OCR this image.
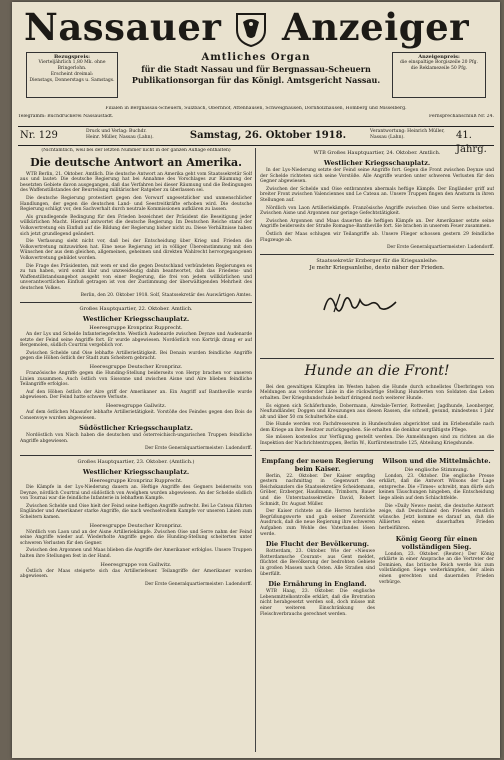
Nassauer Anzeiger
Bezugspreis:
Vierteljährlich 1,80 Mk. ohne Bringerlohn.
Erscheint dreimal:
Dienstags, Donnerstags u. Samstags.
Amtliches Organ
für die Stadt Nassau und für Bergnassau-Scheuern
Publikationsorgan für das Königl. Amtsgericht Nassau.
Anzeigenpreis:
die einspaltige Borgiszeile 20 Pfg.
die Reklamezeile 50 Pfg.
Filialen in Bergnassau-Scheuern, Sulzbach, Obernhof, Attenhausen, Schweighausen, Dornholzhausen, Hömberg und Misselberg.
Telegramm: Buchdruckerei Nassaustadt.	Fernsprechanschluß Nr. 24.
Nr. 129	Druck und Verlag: Buchdr. Heinr. Müller, Nassau (Lahn).	Samstag, 26. Oktober 1918.	Verantwortung: Heinrich Müller, Nassau (Lahn).	41. Jahrg.

(Nichtamtlich, weil bei der letzten Nummer nicht in der ganzen Auflage enthalten)

Die deutsche Antwort an Amerika.

WTB Berlin, 21. Oktober. Amtlich. Die deutsche Antwort an Amerika geht vom Staatssekretär Solf aus und lautet: Die deutsche Regierung hat bei Annahme des Vorschlages zur Räumung der besetzten Gebiete davon ausgegangen, daß das Verfahren bei dieser Räumung und die Bedingungen des Waffenstillstandes der Beurteilung militärischer Ratgeber zu überlassen sei.

Die deutsche Regierung protestiert gegen den Vorwurf ungesetzlicher und unmenschlicher Handlungen, der gegen die deutschen Land- und Seestreitkräfte erhoben wird. Die deutsche Regierung schlägt vor, den Sachverhalt durch neutrale Kommissionen aufklären zu lassen.

Als grundlegende Bedingung für den Frieden bezeichnet der Präsident die Beseitigung jeder willkürlichen Macht. Hierauf antwortet die deutsche Regierung: Im Deutschen Reiche stand der Volksvertretung ein Einfluß auf die Bildung der Regierung bisher nicht zu. Diese Verhältnisse haben sich jetzt grundlegend geändert.

Die Verfassung sieht nicht vor, daß bei der Entscheidung über Krieg und Frieden die Volksvertretung mitzuwirken hat. Eine neue Regierung ist in völliger Übereinstimmung mit den Wünschen der aus dem gleichen, allgemeinen, geheimen und direkten Wahlrecht hervorgegangenen Volksvertretung gebildet worden.

Die Frage des Präsidenten, mit wem er und die gegen Deutschland verbündeten Regierungen es zu tun haben, wird somit klar und unzweideutig dahin beantwortet, daß das Friedens- und Waffenstillstandsangebot ausgeht von einer Regierung, die frei von jedem willkürlichen und unverantwortlichen Einfluß getragen ist von der Zustimmung der überwältigenden Mehrheit des deutschen Volkes.

Berlin, den 20. Oktober 1918. Solf, Staatssekretär des Auswärtigen Amtes.

Großes Hauptquartier, 22. Oktober. Amtlich.
Westlicher Kriegsschauplatz.
Heeresgruppe Kronprinz Rupprecht.

An der Lys und Schelde Infanteriegefechte. Westlich Audenarde zwischen Deynze und Audenarde setzte der Feind seine Angriffe fort. Er wurde abgewiesen. Nordöstlich von Kortrijk drang er auf Bergemolen, südlich Courtrai vergeblich vor.

Zwischen Schelde und Oise lebhafte Artillerietätigkeit. Bei Denain wurden feindliche Angriffe gegen die Höhen östlich der Stadt zum Scheitern gebracht.

Heeresgruppe Deutscher Kronprinz.

Französische Angriffe gegen die Hunding-Stellung beiderseits von Herpy brachen vor unseren Linien zusammen. Auch östlich von Sissonne und zwischen Aisne und Aire blieben feindliche Teilangriffe erfolglos.

Auf den Höhen östlich der Aire griff der Amerikaner an. Ein Angriff auf Bantheville wurde abgewiesen. Der Feind hatte schwere Verluste.

Heeresgruppe Gallwitz.

Auf dem östlichen Maasufer lebhafte Artillerietätigkeit. Vorstöße des Feindes gegen den Bois de Consenvoye wurden abgewiesen.

Südöstlicher Kriegsschauplatz.

Nordöstlich von Nisch haben die deutschen und österreichisch-ungarischen Truppen feindliche Angriffe abgewiesen.

Der Erste Generalquartiermeister: Ludendorff.

Großes Hauptquartier, 23. Oktober. (Amtlich.)
Westlicher Kriegsschauplatz.
Heeresgruppe Kronprinz Rupprecht.

Die Kämpfe in der Lys-Niederung dauern an. Heftige Angriffe des Gegners beiderseits von Deynze, nördlich Courtrai und südöstlich von Avelghem wurden abgewiesen. An der Schelde südlich von Tournai war die feindliche Infanterie in lebhaftem Kampfe.

Zwischen Schelde und Oise hielt der Feind seine heftigen Angriffe aufrecht. Bei Le Cateau führten Engländer und Amerikaner starke Angriffe, die nach wechselvollem Kampfe vor unseren Linien zum Scheitern kamen.

Heeresgruppe Deutscher Kronprinz.

Nördlich von Laon und an der Aisne Artilleriekämpfe. Zwischen Oise und Serre nahm der Feind seine Angriffe wieder auf. Wiederholte Angriffe gegen die Hunding-Stellung scheiterten unter schweren Verlusten für den Gegner.

Zwischen den Argonnen und Maas blieben die Angriffe der Amerikaner erfolglos. Unsere Truppen halten ihre Stellungen fest in der Hand.

Heeresgruppe von Gallwitz.

Östlich der Maas steigerte sich das Artilleriefeuer. Teilangriffe der Amerikaner wurden abgewiesen.

Der Erste Generalquartiermeister: Ludendorff.

WTB Großes Hauptquartier, 24. Oktober. Amtlich.
Westlicher Kriegsschauplatz.

In der Lys-Niederung setzte der Feind seine Angriffe fort. Gegen die Front zwischen Deynze und der Schelde richteten sich seine Vorstöße. Alle Angriffe wurden unter schweren Verlusten für den Gegner abgewiesen.

Zwischen der Schelde und Oise entbrannten abermals heftige Kämpfe. Der Engländer griff auf breiter Front zwischen Valenciennes und Le Cateau an. Unsere Truppen fingen den Ansturm in ihren Stellungen auf.

Nördlich von Laon Artilleriekämpfe. Französische Angriffe zwischen Oise und Serre scheiterten. Zwischen Aisne und Argonnen nur geringe Gefechtstätigkeit.

Zwischen Argonnen und Maas dauerten die heftigen Kämpfe an. Der Amerikaner setzte seine Angriffe beiderseits der Straße Romagne–Bantheville fort. Sie brachen in unserem Feuer zusammen.

Östlich der Maas schlugen wir Teilangriffe ab. Unsere Flieger schossen gestern 29 feindliche Flugzeuge ab.

Der Erste Generalquartiermeister: Ludendorff.

Staatssekretär Erzberger für die Kriegsanleihe:

Je mehr Kriegsanleihe, desto näher der Frieden.

Hunde an die Front!

Bei den gewaltigen Kämpfen im Westen haben die Hunde durch schnellstes Überbringen von Meldungen aus vorderster Linie in die rückwärtige Stellung Hunderten von Soldaten das Leben erhalten. Der Kriegshundschule bedarf dringend noch weiterer Hunde.

Es eignen sich Schäferhunde, Dobermann, Airedale-Terrier, Rottweiler, Jagdhunde, Leonberger, Neufundländer, Doggen und Kreuzungen aus diesen Rassen, die schnell, gesund, mindestens 1 Jahr alt und über 50 cm Schulterhöhe sind.

Die Hunde werden von Fachdresseuren in Hundeschulen abgerichtet und im Erlebensfalle nach dem Kriege an ihre Besitzer zurückgegeben. Sie erhalten die denkbar sorgfältigste Pflege.

Sie müssen kostenlos zur Verfügung gestellt werden. Die Anmeldungen sind zu richten an die Inspektion der Nachrichtentruppen, Berlin W., Kurfürstenstraße 125, Abteilung Kriegshunde.

Empfang der neuen Regierung beim Kaiser.

Berlin, 22. Oktober. Der Kaiser empfing gestern nachmittag in Gegenwart des Reichskanzlers die Staatssekretäre Scheidemann, Gröber, Erzberger, Haußmann, Trimborn, Bauer und die Unterstaatssekretäre David, Robert Schmidt, Dr. August Müller.

Der Kaiser richtete an die Herren herzliche Begrüßungsworte und gab seiner Zuversicht Ausdruck, daß die neue Regierung ihre schweren Aufgaben zum Wohle des Vaterlandes lösen werde.

Die Flucht der Bevölkerung.

Rotterdam, 23. Oktober. Wie der »Nieuwe Rotterdamsche Courant« aus Gent meldet, flüchtet die Bevölkerung der bedrohten Gebiete in großen Massen nach Osten. Alle Straßen sind überfüllt.

Die Ernährung in England.

WTB Haag, 23. Oktober. Die englische Lebensmittelkontrolle erklärt, daß die Brotration nicht herabgesetzt werden soll, doch müsse mit einer weiteren Einschränkung des Fleischverbrauchs gerechnet werden.

Wilson und die Mittelmächte.
Die englische Stimmung.

London, 23. Oktober. Die englische Presse erklärt, daß die Antwort Wilsons der Lage entspreche. Die »Times« schreibt, man dürfe sich keinen Täuschungen hingeben, die Entscheidung liege allein auf dem Schlachtfelde.

Die »Daily News« meint, die deutsche Antwort zeige, daß Deutschland den Frieden ernstlich wünsche. Jetzt komme es darauf an, daß die Alliierten einen dauerhaften Frieden herbeiführen.

König Georg für einen vollständigen Sieg.

London, 23. Oktober. (Reuter.) Der König erklärte in einer Ansprache an die Vertreter der Dominien, das britische Reich werde bis zum vollständigen Siege weiterkämpfen, der allein einen gerechten und dauernden Frieden verbürge.
